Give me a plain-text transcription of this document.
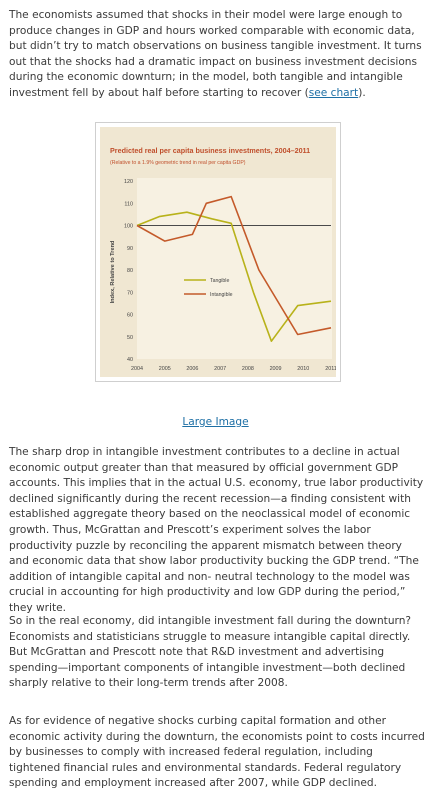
The economists assumed that shocks in their model were large enough to produce changes in GDP and hours worked comparable with economic data, but didn’t try to match observations on business tangible investment. It turns out that the shocks had a dramatic impact on business investment decisions during the economic downturn; in the model, both tangible and intangible investment fell by about half before starting to recover (see chart).

Predicted real per capita business investments, 2004–2011
(Relative to a 1.9% geometric trend in real per capita GDP)
40
50
60
70
80
90
100
110
120
2004	2005	2006	2007	2008	2009	2010	2011
Tangible
Intangible
Index, Relative to Trend
Large Image

The sharp drop in intangible investment contributes to a decline in actual economic output greater than that measured by official government GDP accounts. This implies that in the actual U.S. economy, true labor productivity declined significantly during the recent recession—a finding consistent with established aggregate theory based on the neoclassical model of economic growth. Thus, McGrattan and Prescott’s experiment solves the labor productivity puzzle by reconciling the apparent mismatch between theory and economic data that show labor productivity bucking the GDP trend. “The addition of intangible capital and non- neutral technology to the model was crucial in accounting for high productivity and low GDP during the period,” they write.

So in the real economy, did intangible investment fall during the downturn? Economists and statisticians struggle to measure intangible capital directly. But McGrattan and Prescott note that R&D investment and advertising spending—important components of intangible investment—both declined sharply relative to their long-term trends after 2008.

As for evidence of negative shocks curbing capital formation and other economic activity during the downturn, the economists point to costs incurred by businesses to comply with increased federal regulation, including tightened financial rules and environmental standards. Federal regulatory spending and employment increased after 2007, while GDP declined.
